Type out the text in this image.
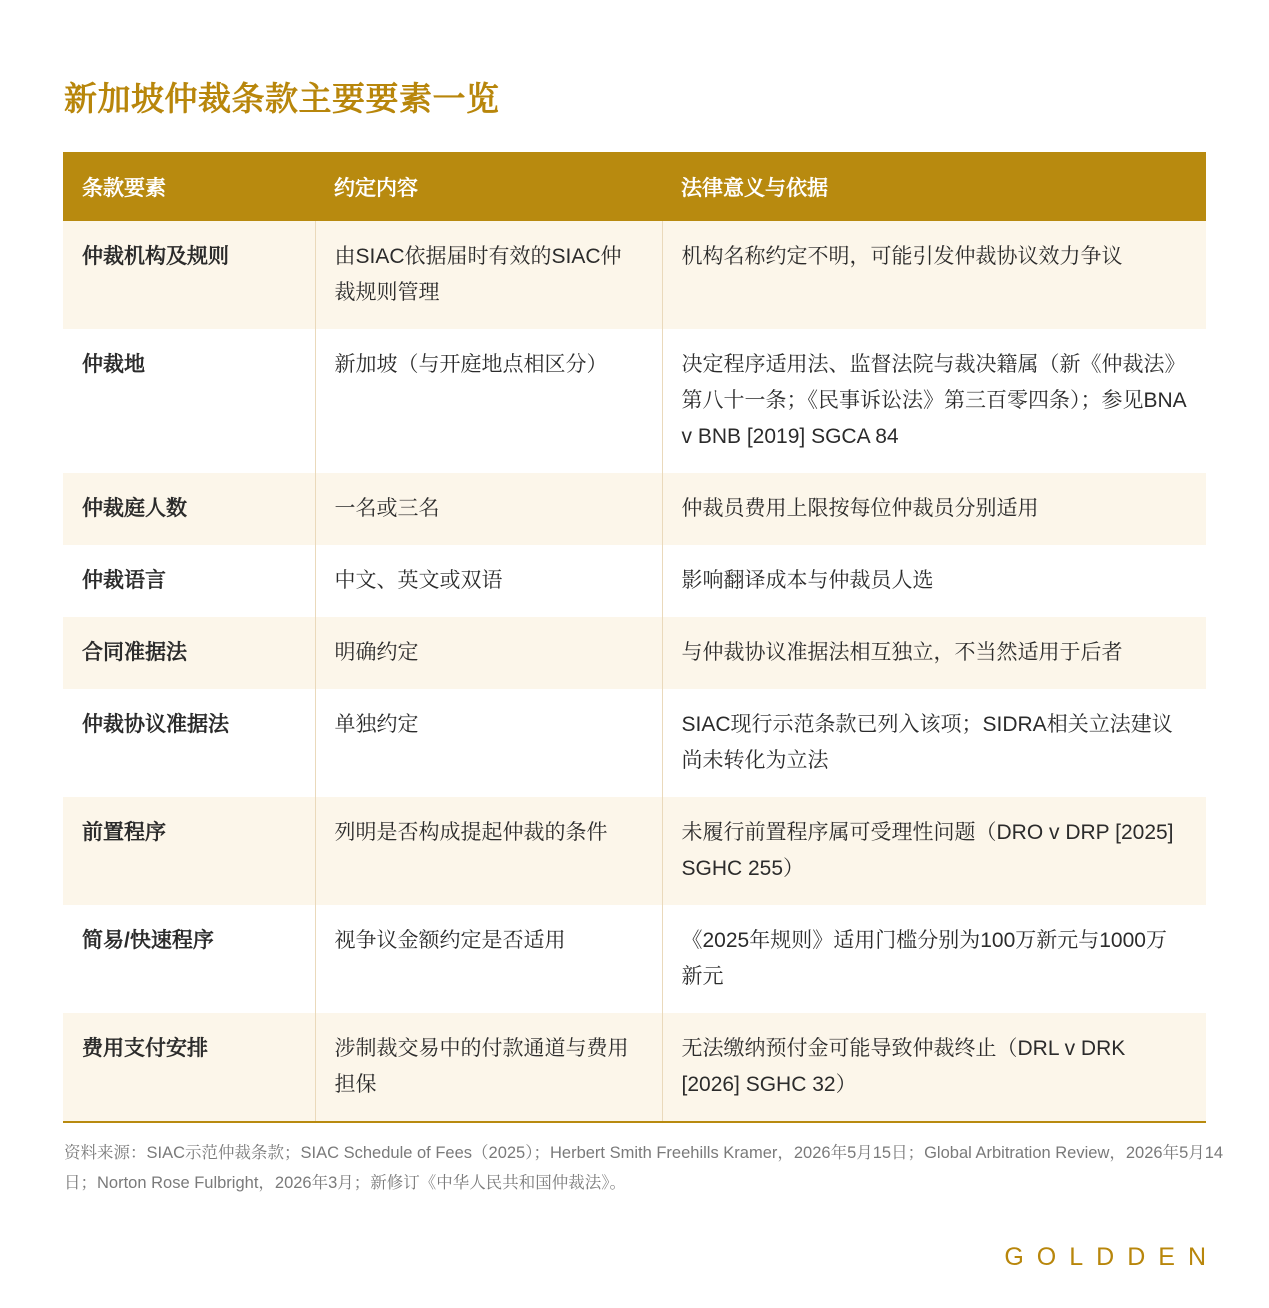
新加坡仲裁条款主要要素一览
条款要素	约定内容	法律意义与依据
仲裁机构及规则	由SIAC依据届时有效的SIAC仲裁规则管理	机构名称约定不明，可能引发仲裁协议效力争议
仲裁地	新加坡（与开庭地点相区分）	决定程序适用法、监督法院与裁决籍属（新《仲裁法》第八十一条；《民事诉讼法》第三百零四条）；参见BNA v BNB [2019] SGCA 84
仲裁庭人数	一名或三名	仲裁员费用上限按每位仲裁员分别适用
仲裁语言	中文、英文或双语	影响翻译成本与仲裁员人选
合同准据法	明确约定	与仲裁协议准据法相互独立，不当然适用于后者
仲裁协议准据法	单独约定	SIAC现行示范条款已列入该项；SIDRA相关立法建议尚未转化为立法
前置程序	列明是否构成提起仲裁的条件	未履行前置程序属可受理性问题（DRO v DRP [2025] SGHC 255）
简易/快速程序	视争议金额约定是否适用	《2025年规则》适用门槛分别为100万新元与1000万新元
费用支付安排	涉制裁交易中的付款通道与费用担保	无法缴纳预付金可能导致仲裁终止（DRL v DRK [2026] SGHC 32）

资料来源：SIAC示范仲裁条款；SIAC Schedule of Fees（2025）；Herbert Smith Freehills Kramer，2026年5月15日；Global Arbitration Review，2026年5月14日；Norton Rose Fulbright，2026年3月；新修订《中华人民共和国仲裁法》。

GOLDDEN
